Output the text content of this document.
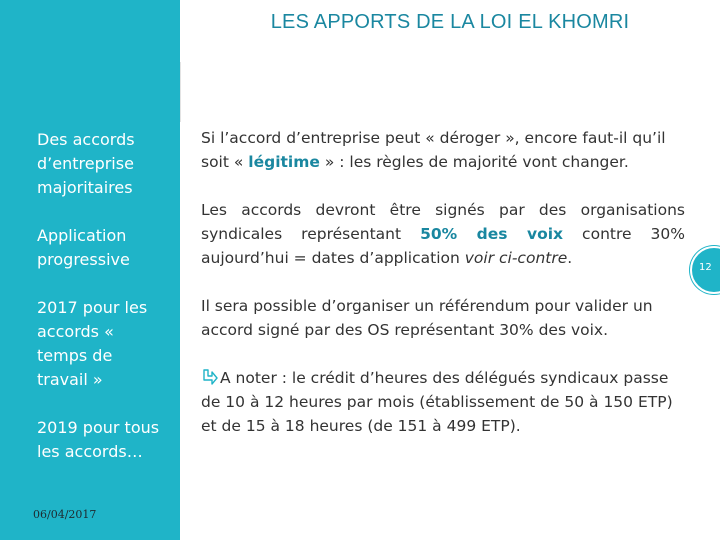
Des accords d’entreprise majoritaires
Application progressive
2017 pour les accords « temps de travail »
2019 pour tous les accords…
06/04/2017
LES APPORTS DE LA LOI EL KHOMRI
Si l’accord d’entreprise peut « déroger », encore faut-il qu’il soit « légitime » : les règles de majorité vont changer.
Les accords devront être signés par des organisations syndicales représentant 50% des voix contre 30% aujourd’hui = dates d’application voir ci-contre.
Il sera possible d’organiser un référendum pour valider un accord signé par des OS représentant 30% des voix.
A noter : le crédit d’heures des délégués syndicaux passe de 10 à 12 heures par mois (établissement de 50 à 150 ETP) et de 15 à 18 heures (de 151 à 499 ETP).
12
